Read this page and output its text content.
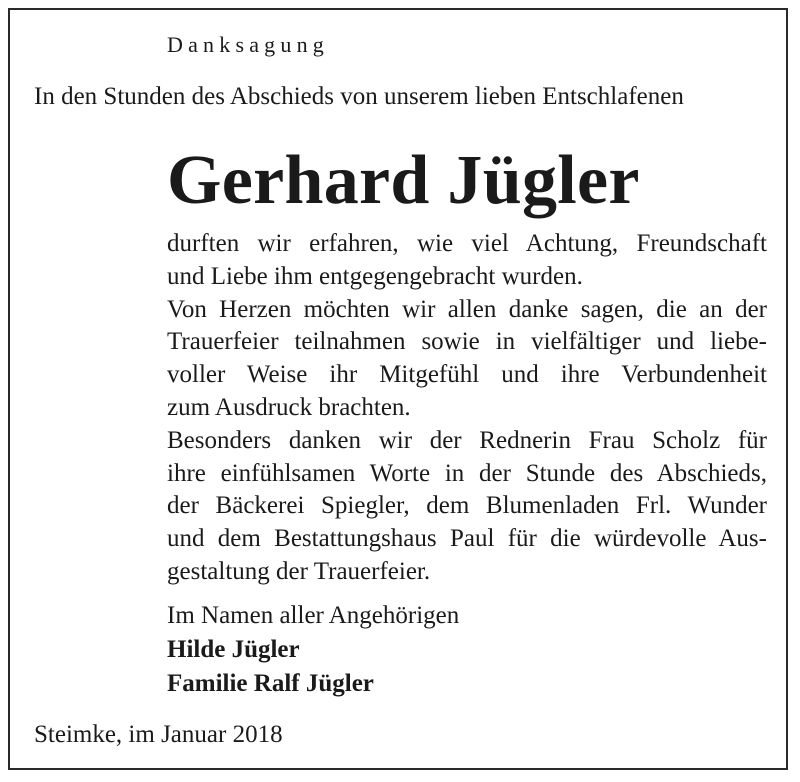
Danksagung
In den Stunden des Abschieds von unserem lieben Entschlafenen
Gerhard Jügler
durften wir erfahren, wie viel Achtung, Freundschaft
und Liebe ihm entgegengebracht wurden.
Von Herzen möchten wir allen danke sagen, die an der
Trauerfeier teilnahmen sowie in vielfältiger und liebe-
voller Weise ihr Mitgefühl und ihre Verbundenheit
zum Ausdruck brachten.
Besonders danken wir der Rednerin Frau Scholz für
ihre einfühlsamen Worte in der Stunde des Abschieds,
der Bäckerei Spiegler, dem Blumenladen Frl. Wunder
und dem Bestattungshaus Paul für die würdevolle Aus-
gestaltung der Trauerfeier.
Im Namen aller Angehörigen
Hilde Jügler
Familie Ralf Jügler
Steimke, im Januar 2018
